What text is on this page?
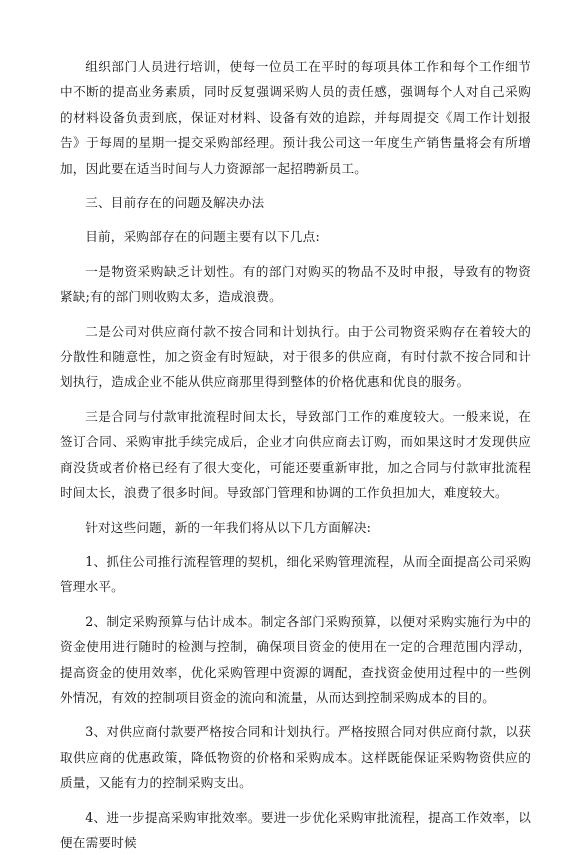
组织部门人员进行培训，使每一位员工在平时的每项具体工作和每个工作细节中不断的提高业务素质，同时反复强调采购人员的责任感，强调每个人对自己采购的材料设备负责到底，保证对材料、设备有效的追踪，并每周提交《周工作计划报告》于每周的星期一提交采购部经理。预计我公司这一年度生产销售量将会有所增加，因此要在适当时间与人力资源部一起招聘新员工。

三、目前存在的问题及解决办法

目前，采购部存在的问题主要有以下几点:

一是物资采购缺乏计划性。有的部门对购买的物品不及时申报，导致有的物资紧缺;有的部门则收购太多，造成浪费。

二是公司对供应商付款不按合同和计划执行。由于公司物资采购存在着较大的分散性和随意性，加之资金有时短缺，对于很多的供应商，有时付款不按合同和计划执行，造成企业不能从供应商那里得到整体的价格优惠和优良的服务。

三是合同与付款审批流程时间太长，导致部门工作的难度较大。一般来说，在签订合同、采购审批手续完成后，企业才向供应商去订购，而如果这时才发现供应商没货或者价格已经有了很大变化，可能还要重新审批，加之合同与付款审批流程时间太长，浪费了很多时间。导致部门管理和协调的工作负担加大，难度较大。

针对这些问题，新的一年我们将从以下几方面解决:

1、抓住公司推行流程管理的契机，细化采购管理流程，从而全面提高公司采购管理水平。

2、制定采购预算与估计成本。制定各部门采购预算，以便对采购实施行为中的资金使用进行随时的检测与控制，确保项目资金的使用在一定的合理范围内浮动，提高资金的使用效率，优化采购管理中资源的调配，查找资金使用过程中的一些例外情况，有效的控制项目资金的流向和流量，从而达到控制采购成本的目的。

3、对供应商付款要严格按合同和计划执行。严格按照合同对供应商付款，以获取供应商的优惠政策，降低物资的价格和采购成本。这样既能保证采购物资供应的质量，又能有力的控制采购支出。

4、进一步提高采购审批效率。要进一步优化采购审批流程，提高工作效率，以便在需要时候
